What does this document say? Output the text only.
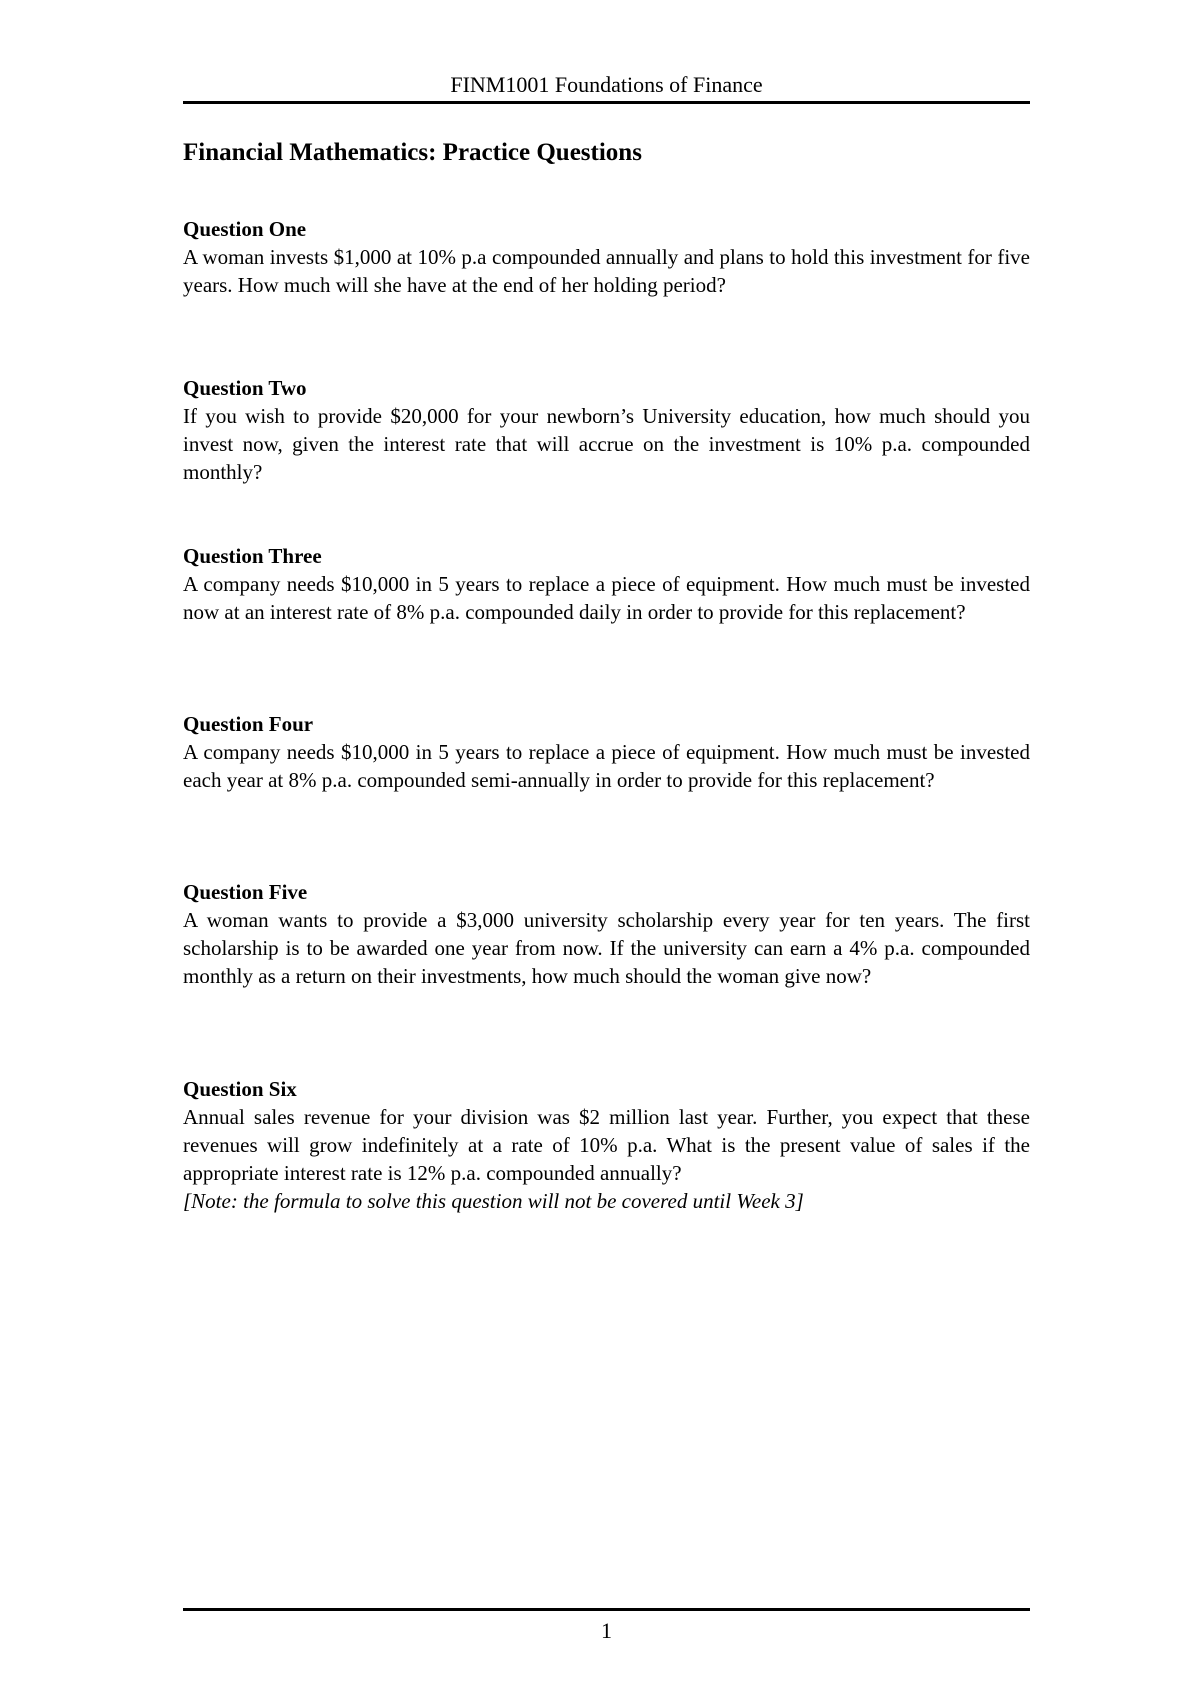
FINM1001 Foundations of Finance
Financial Mathematics: Practice Questions

Question One

A woman invests $1,000 at 10% p.a compounded annually and plans to hold this investment for five years. How much will she have at the end of her holding period?

Question Two

If you wish to provide $20,000 for your newborn’s University education, how much should you invest now, given the interest rate that will accrue on the investment is 10% p.a. compounded monthly?

Question Three

A company needs $10,000 in 5 years to replace a piece of equipment. How much must be invested now at an interest rate of 8% p.a. compounded daily in order to provide for this replacement?

Question Four

A company needs $10,000 in 5 years to replace a piece of equipment. How much must be invested each year at 8% p.a. compounded semi-annually in order to provide for this replacement?

Question Five

A woman wants to provide a $3,000 university scholarship every year for ten years. The first scholarship is to be awarded one year from now. If the university can earn a 4% p.a. compounded monthly as a return on their investments, how much should the woman give now?

Question Six

Annual sales revenue for your division was $2 million last year. Further, you expect that these revenues will grow indefinitely at a rate of 10% p.a. What is the present value of sales if the appropriate interest rate is 12% p.a. compounded annually?

[Note: the formula to solve this question will not be covered until Week 3]

1
